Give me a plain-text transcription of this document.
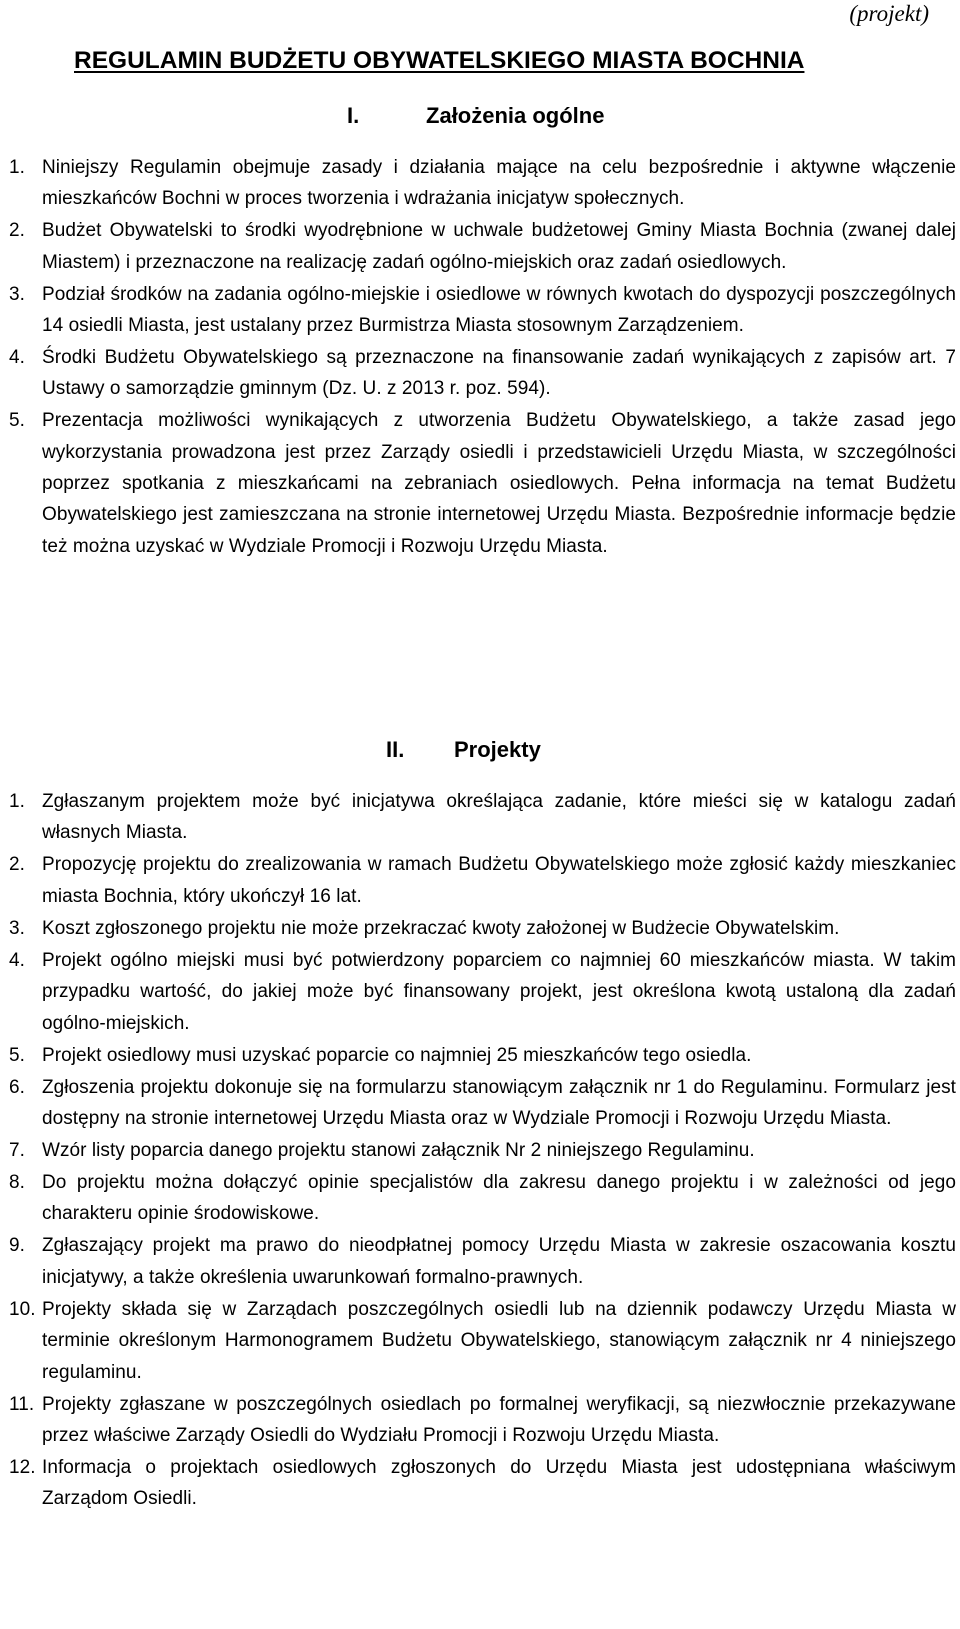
(projekt)
REGULAMIN BUDŻETU OBYWATELSKIEGO MIASTA BOCHNIA
I.	Założenia ogólne
1. Niniejszy Regulamin obejmuje zasady i działania mające na celu bezpośrednie i aktywne włączenie mieszkańców Bochni w proces tworzenia i wdrażania inicjatyw społecznych.
2. Budżet Obywatelski to środki wyodrębnione w uchwale budżetowej Gminy Miasta Bochnia (zwanej dalej Miastem) i przeznaczone na realizację zadań ogólno-miejskich oraz zadań osiedlowych.
3. Podział środków na zadania ogólno-miejskie i osiedlowe w równych kwotach do dyspozycji poszczególnych 14 osiedli Miasta, jest ustalany przez Burmistrza Miasta stosownym Zarządzeniem.
4. Środki Budżetu Obywatelskiego są przeznaczone na finansowanie zadań wynikających z zapisów art. 7 Ustawy o samorządzie gminnym (Dz. U. z 2013 r. poz. 594).
5. Prezentacja możliwości wynikających z utworzenia Budżetu Obywatelskiego, a także zasad jego wykorzystania prowadzona jest przez Zarządy osiedli i przedstawicieli Urzędu Miasta, w szczególności poprzez spotkania z mieszkańcami na zebraniach osiedlowych. Pełna informacja na temat Budżetu Obywatelskiego jest zamieszczana na stronie internetowej Urzędu Miasta. Bezpośrednie informacje będzie też można uzyskać w Wydziale Promocji i Rozwoju Urzędu Miasta.
II. Projekty
1. Zgłaszanym projektem może być inicjatywa określająca zadanie, które mieści się w katalogu zadań własnych Miasta.
2. Propozycję projektu do zrealizowania w ramach Budżetu Obywatelskiego może zgłosić każdy mieszkaniec miasta Bochnia, który ukończył 16 lat.
3. Koszt zgłoszonego projektu nie może przekraczać kwoty założonej w Budżecie Obywatelskim.
4. Projekt ogólno miejski musi być potwierdzony poparciem co najmniej 60 mieszkańców miasta. W takim przypadku wartość, do jakiej może być finansowany projekt, jest określona kwotą ustaloną dla zadań ogólno-miejskich.
5. Projekt osiedlowy musi uzyskać poparcie co najmniej 25 mieszkańców tego osiedla.
6. Zgłoszenia projektu dokonuje się na formularzu stanowiącym załącznik nr 1 do Regulaminu. Formularz jest dostępny na stronie internetowej Urzędu Miasta oraz w Wydziale Promocji i Rozwoju Urzędu Miasta.
7. Wzór listy poparcia danego projektu stanowi załącznik Nr 2 niniejszego Regulaminu.
8. Do projektu można dołączyć opinie specjalistów dla zakresu danego projektu i w zależności od jego charakteru opinie środowiskowe.
9. Zgłaszający projekt ma prawo do nieodpłatnej pomocy Urzędu Miasta w zakresie oszacowania kosztu inicjatywy, a także określenia uwarunkowań formalno-prawnych.
10. Projekty składa się w Zarządach poszczególnych osiedli lub na dziennik podawczy Urzędu Miasta w terminie określonym Harmonogramem Budżetu Obywatelskiego, stanowiącym załącznik nr 4 niniejszego regulaminu.
11. Projekty zgłaszane w poszczególnych osiedlach po formalnej weryfikacji, są niezwłocznie przekazywane przez właściwe Zarządy Osiedli do Wydziału Promocji i Rozwoju Urzędu Miasta.
12. Informacja o projektach osiedlowych zgłoszonych do Urzędu Miasta jest udostępniana właściwym Zarządom Osiedli.
